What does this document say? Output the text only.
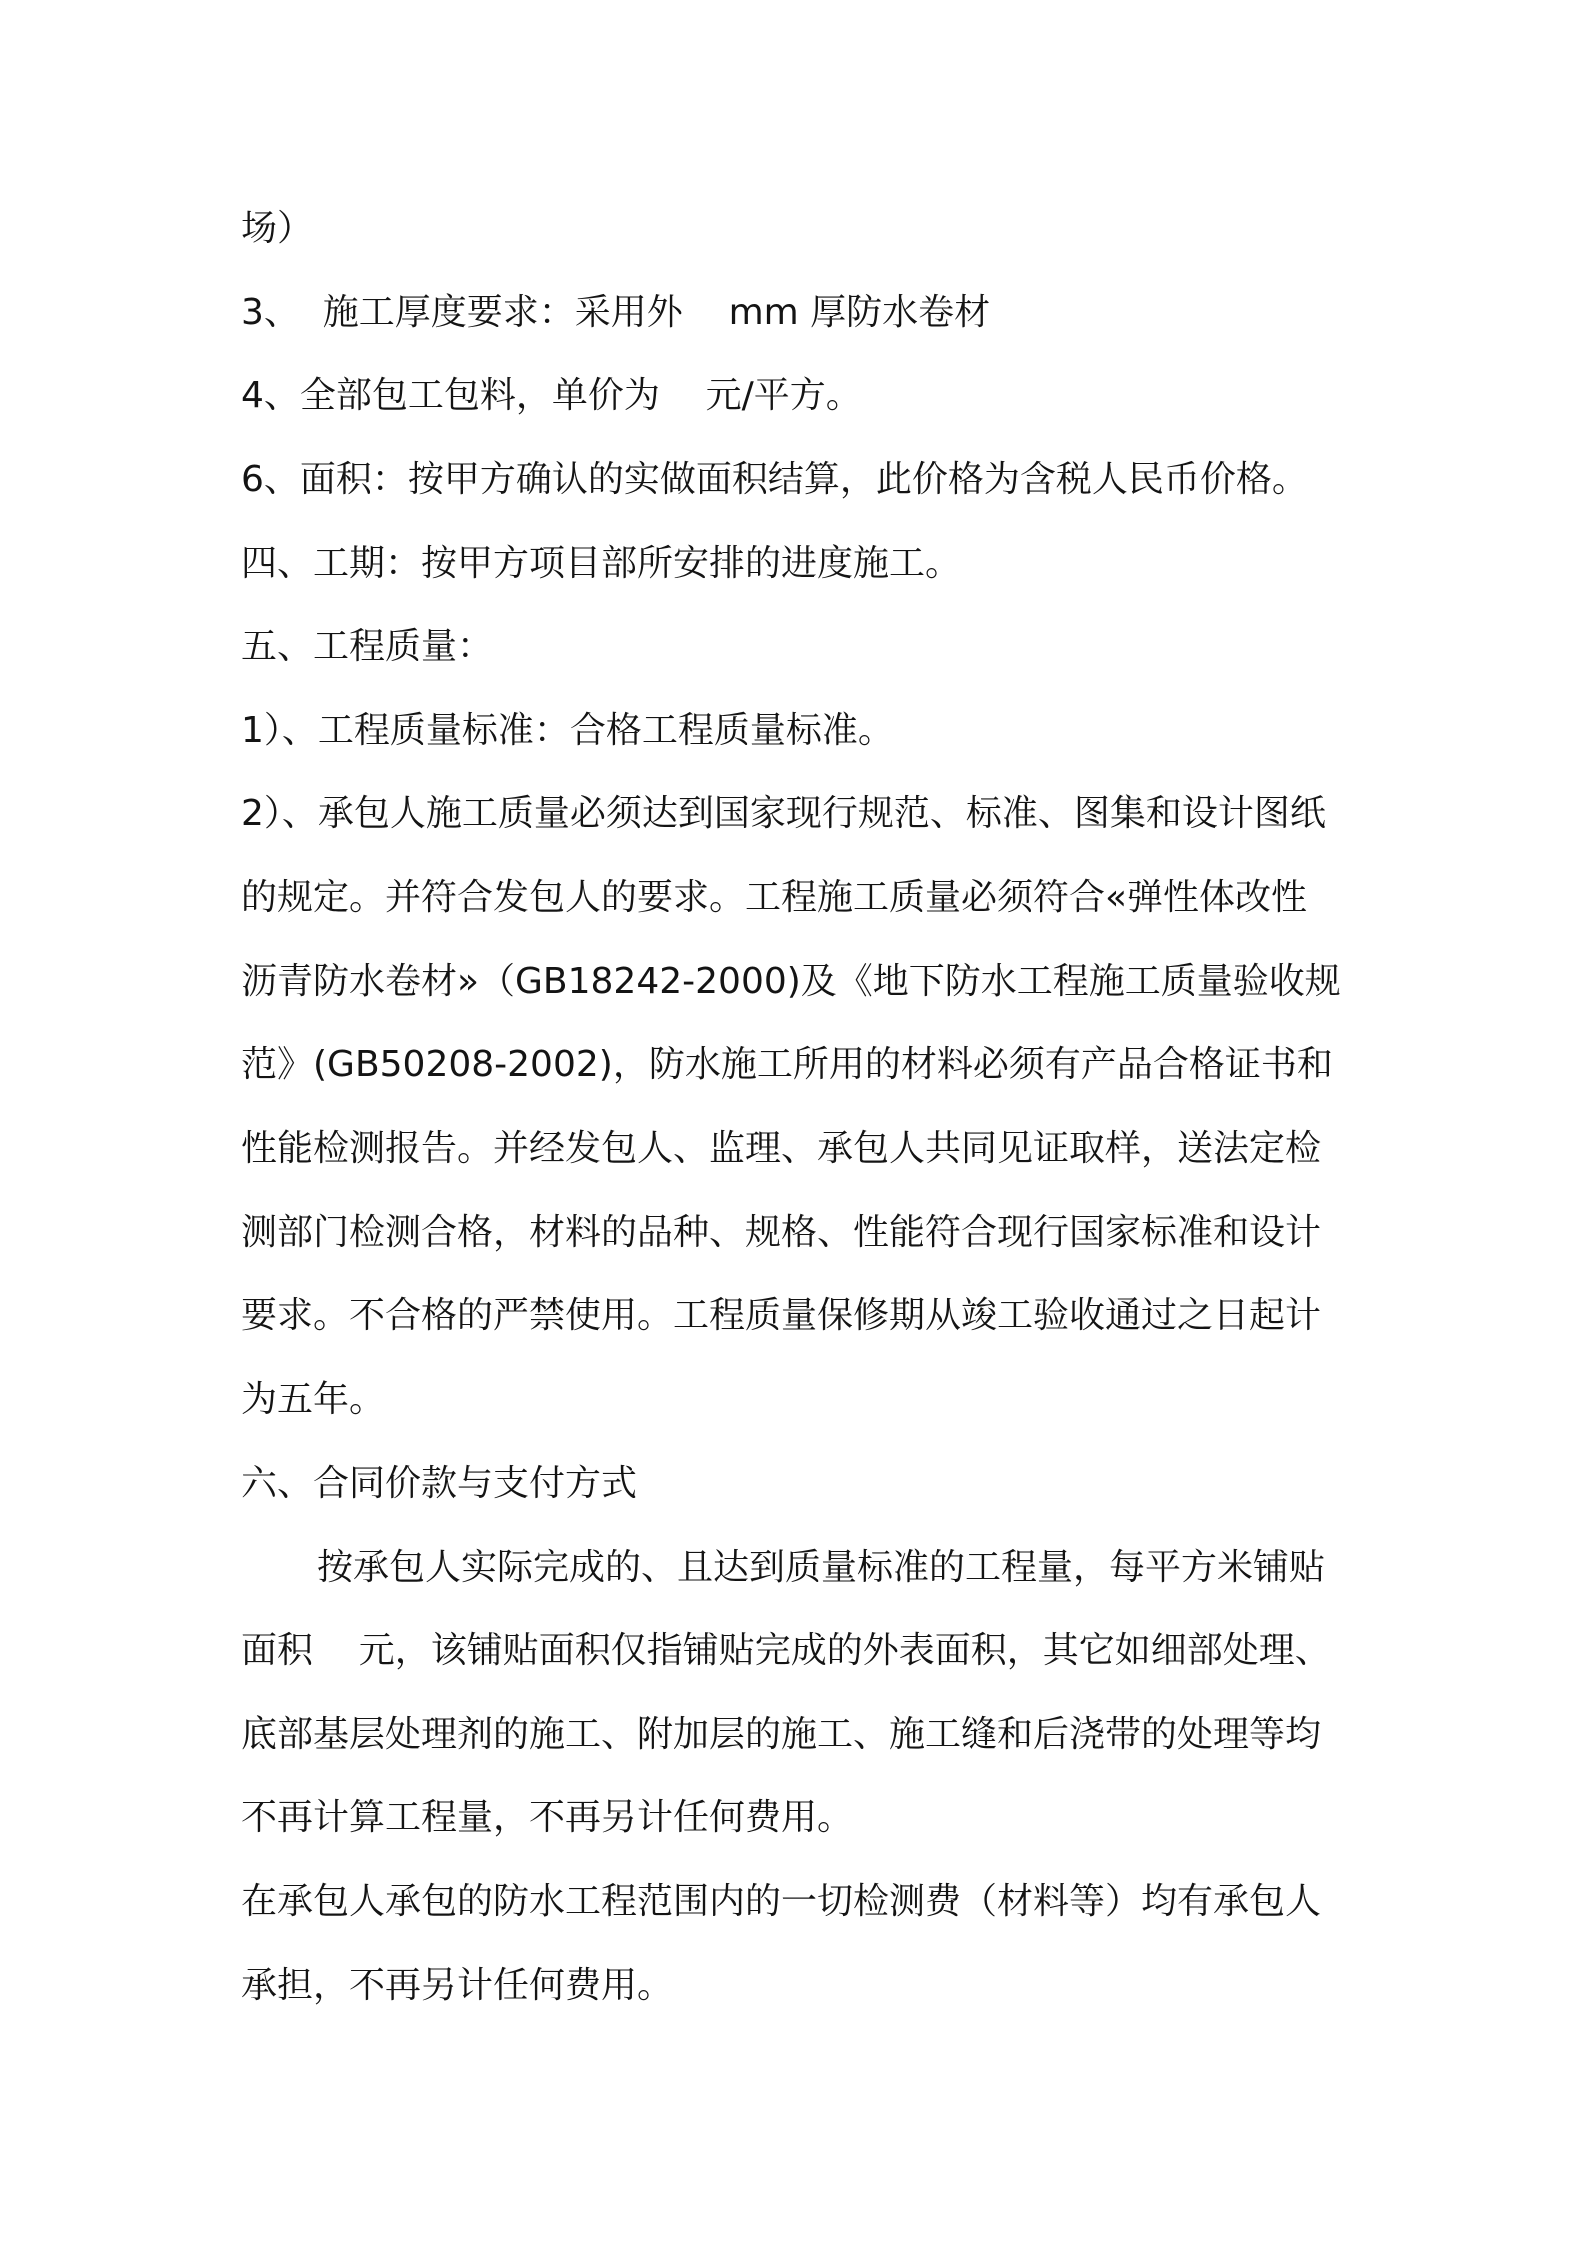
场）
3、  施工厚度要求：采用外    mm 厚防水卷材
4、全部包工包料，单价为    元/平方。
6、面积：按甲方确认的实做面积结算，此价格为含税人民币价格。
四、工期：按甲方项目部所安排的进度施工。
五、工程质量：
1）、工程质量标准：合格工程质量标准。
2）、承包人施工质量必须达到国家现行规范、标准、图集和设计图纸
的规定。并符合发包人的要求。工程施工质量必须符合«弹性体改性
沥青防水卷材»（GB18242-2000)及《地下防水工程施工质量验收规
范》(GB50208-2002)，防水施工所用的材料必须有产品合格证书和
性能检测报告。并经发包人、监理、承包人共同见证取样，送法定检
测部门检测合格，材料的品种、规格、性能符合现行国家标准和设计
要求。不合格的严禁使用。工程质量保修期从竣工验收通过之日起计
为五年。
六、合同价款与支付方式
按承包人实际完成的、且达到质量标准的工程量，每平方米铺贴
面积    元，该铺贴面积仅指铺贴完成的外表面积，其它如细部处理、
底部基层处理剂的施工、附加层的施工、施工缝和后浇带的处理等均
不再计算工程量，不再另计任何费用。
在承包人承包的防水工程范围内的一切检测费（材料等）均有承包人
承担，不再另计任何费用。
